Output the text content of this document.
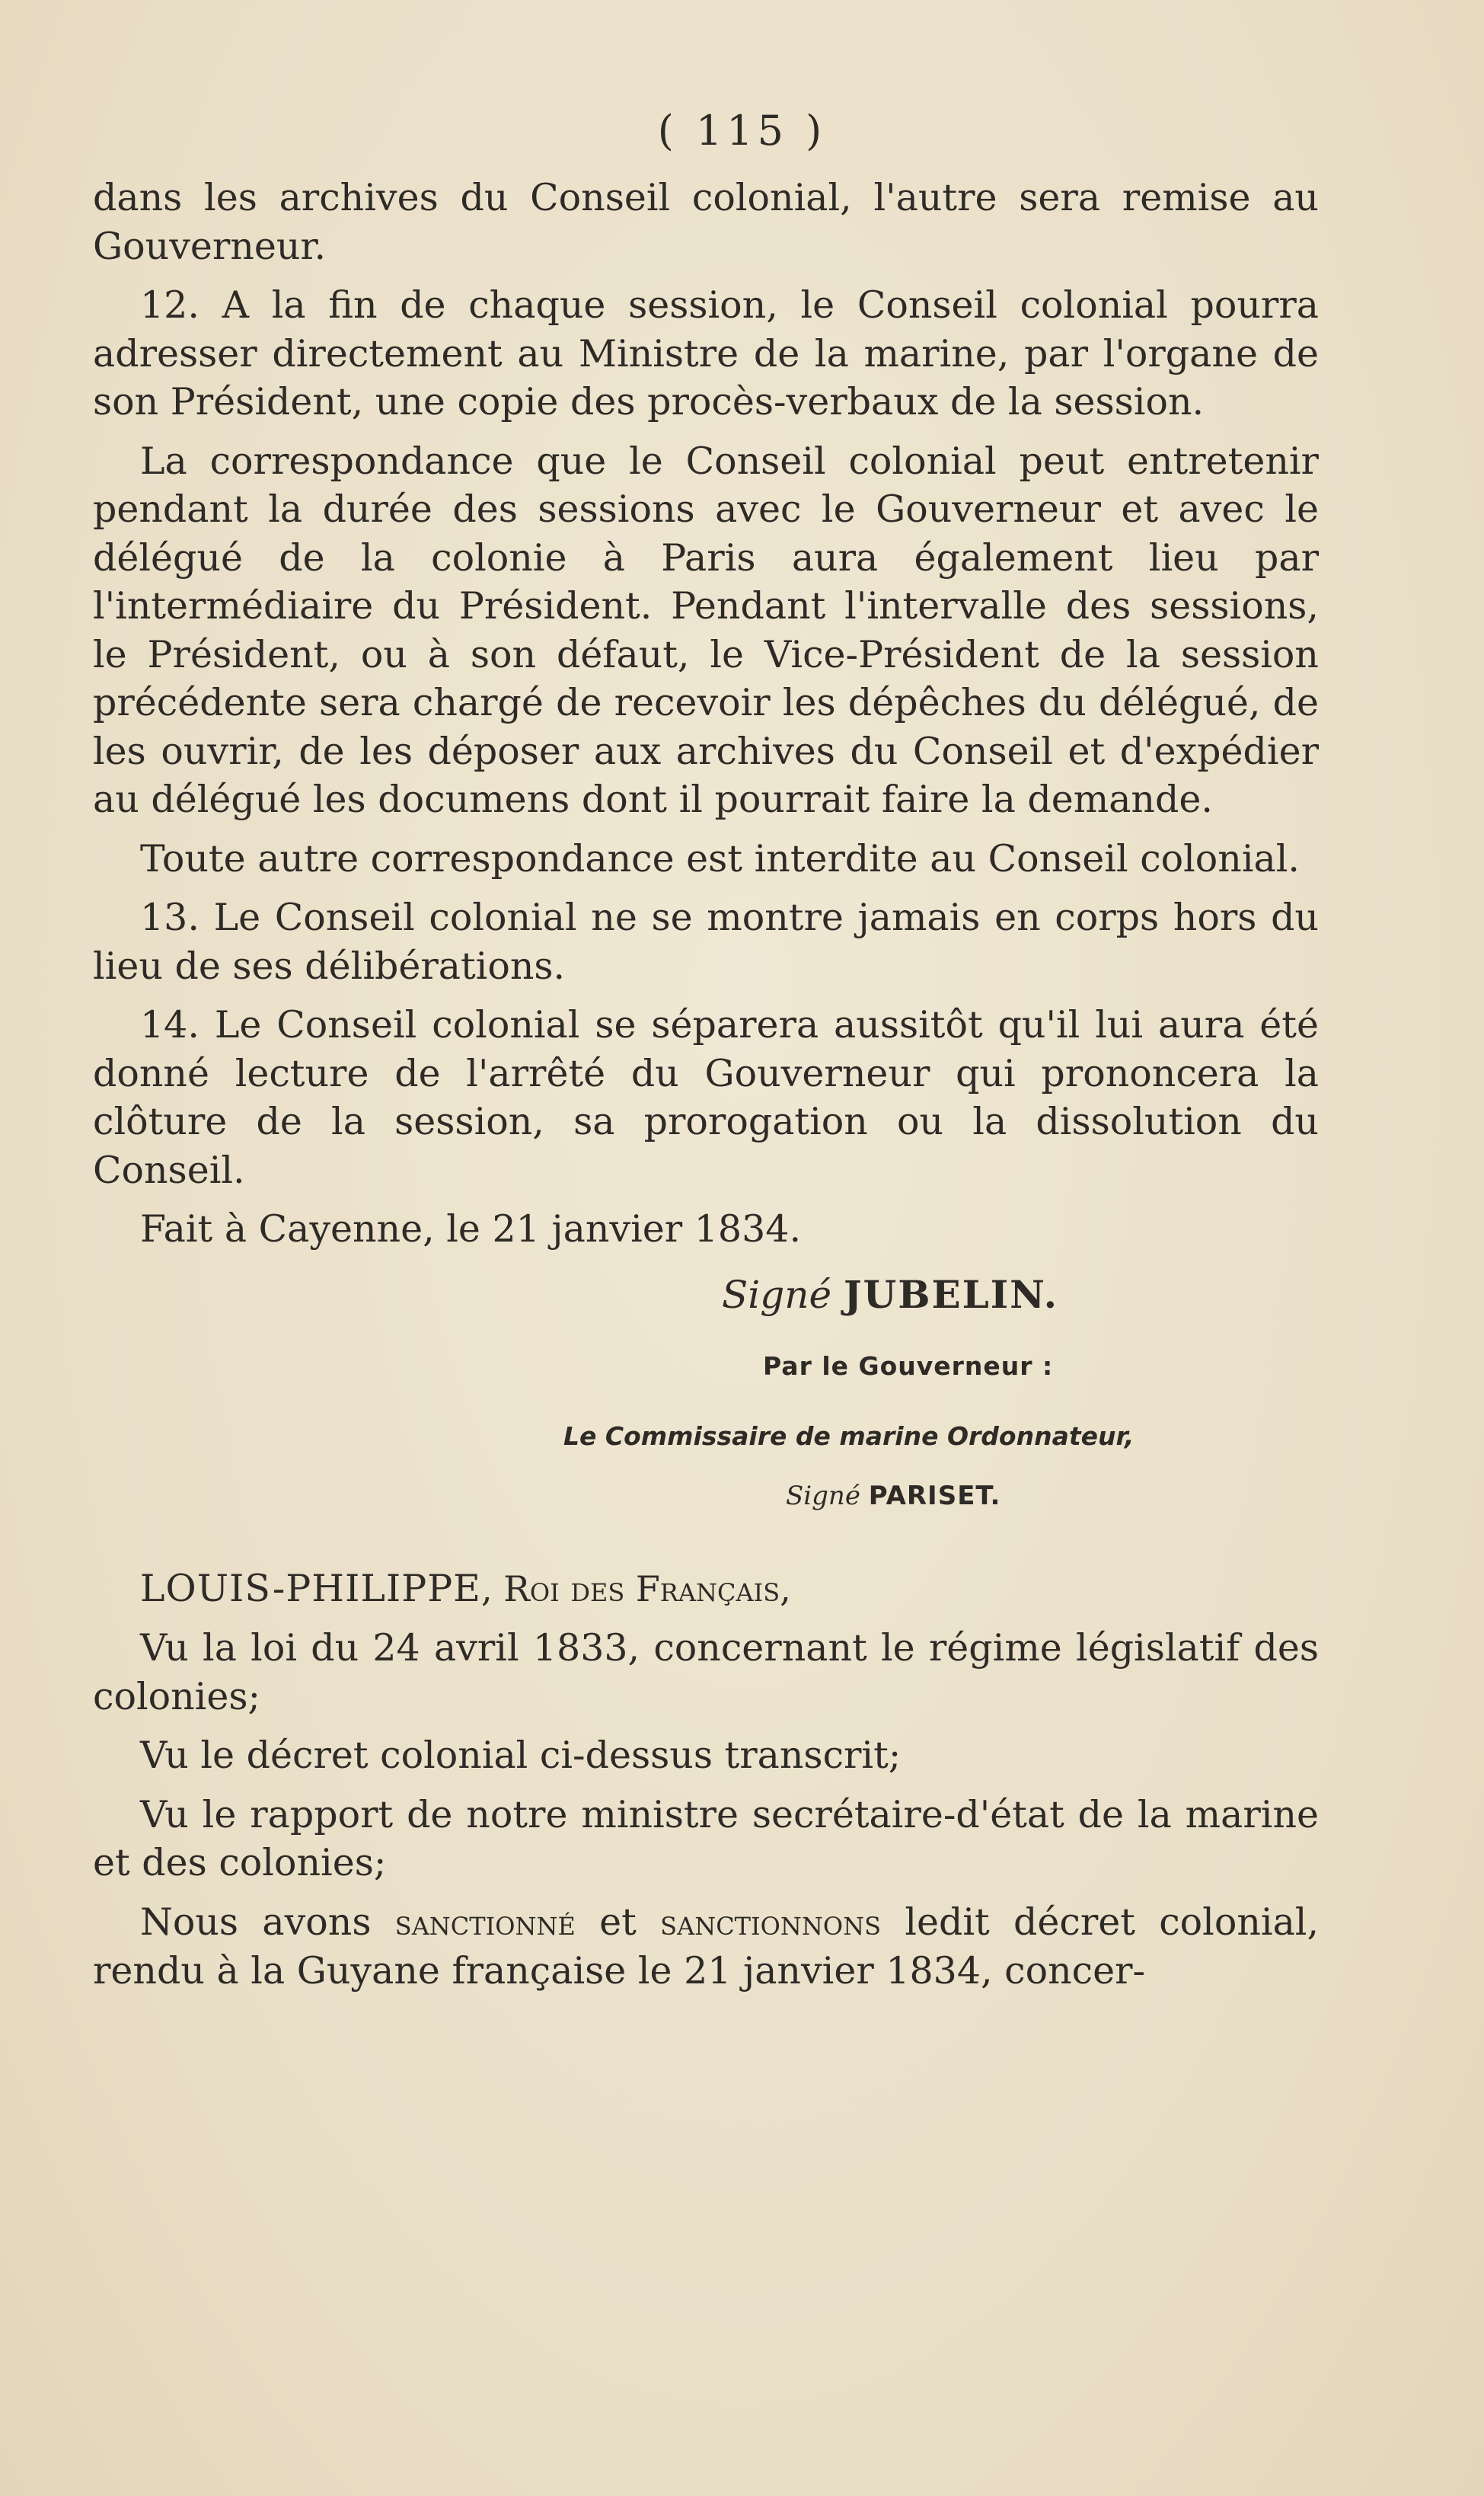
( 115 )

dans les archives du Conseil colonial, l'autre sera remise au Gouverneur.

12. A la fin de chaque session, le Conseil colonial pourra adresser directement au Ministre de la marine, par l'organe de son Président, une copie des procès-verbaux de la session.

La correspondance que le Conseil colonial peut entretenir pendant la durée des sessions avec le Gouverneur et avec le délégué de la colonie à Paris aura également lieu par l'intermédiaire du Président. Pendant l'intervalle des sessions, le Président, ou à son défaut, le Vice-Président de la session précédente sera chargé de recevoir les dépêches du délégué, de les ouvrir, de les déposer aux archives du Conseil et d'expédier au délégué les documens dont il pourrait faire la demande.

Toute autre correspondance est interdite au Conseil colonial.

13. Le Conseil colonial ne se montre jamais en corps hors du lieu de ses délibérations.

14. Le Conseil colonial se séparera aussitôt qu'il lui aura été donné lecture de l'arrêté du Gouverneur qui prononcera la clôture de la session, sa prorogation ou la dissolution du Conseil.

Fait à Cayenne, le 21 janvier 1834.

Signé JUBELIN.
Par le Gouverneur :
Le Commissaire de marine Ordonnateur,
Signé PARISET.

LOUIS-PHILIPPE, Roi des Français,

Vu la loi du 24 avril 1833, concernant le régime législatif des colonies;

Vu le décret colonial ci-dessus transcrit;

Vu le rapport de notre ministre secrétaire-d'état de la marine et des colonies;

Nous avons sanctionné et sanctionnons ledit décret colonial, rendu à la Guyane française le 21 janvier 1834, concer-
